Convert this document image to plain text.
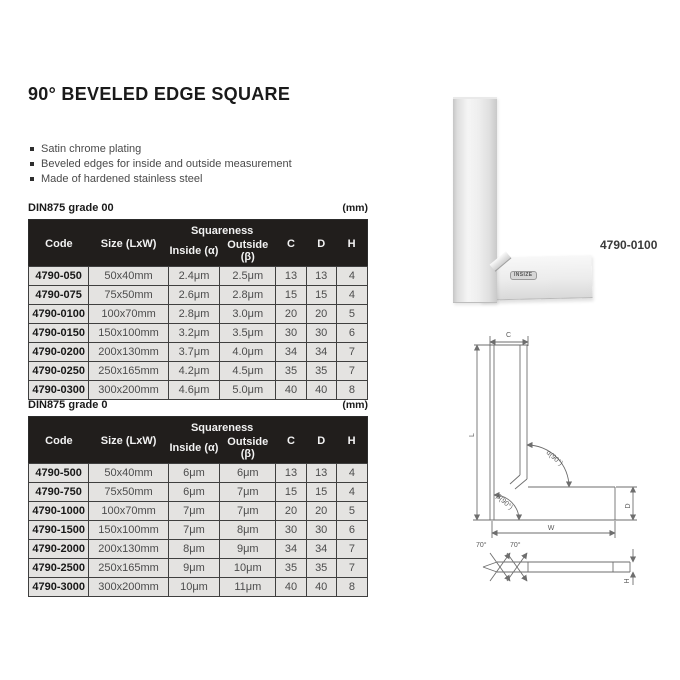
90° BEVELED EDGE SQUARE
Satin chrome plating
Beveled edges for inside and outside measurement
Made of hardened stainless steel
DIN875 grade 00	(mm)
Code	Size (LxW)	Squareness		C	D	H
		Inside (α)	Outside (β)			
4790-050	50x40mm	2.4μm	2.5μm	13	13	4
4790-075	75x50mm	2.6μm	2.8μm	15	15	4
4790-0100	100x70mm	2.8μm	3.0μm	20	20	5
4790-0150	150x100mm	3.2μm	3.5μm	30	30	6
4790-0200	200x130mm	3.7μm	4.0μm	34	34	7
4790-0250	250x165mm	4.2μm	4.5μm	35	35	7
4790-0300	300x200mm	4.6μm	5.0μm	40	40	8
DIN875 grade 0	(mm)
Code	Size (LxW)	Squareness		C	D	H
		Inside (α)	Outside (β)			
4790-500	50x40mm	6μm	6μm	13	13	4
4790-750	75x50mm	6μm	7μm	15	15	4
4790-1000	100x70mm	7μm	7μm	20	20	5
4790-1500	150x100mm	7μm	8μm	30	30	6
4790-2000	200x130mm	8μm	9μm	34	34	7
4790-2500	250x165mm	9μm	10μm	35	35	7
4790-3000	300x200mm	10μm	11μm	40	40	8
INSIZE
4790-0100
C
L
α(90°)
β(90°)
W
D
70°	70°
H
